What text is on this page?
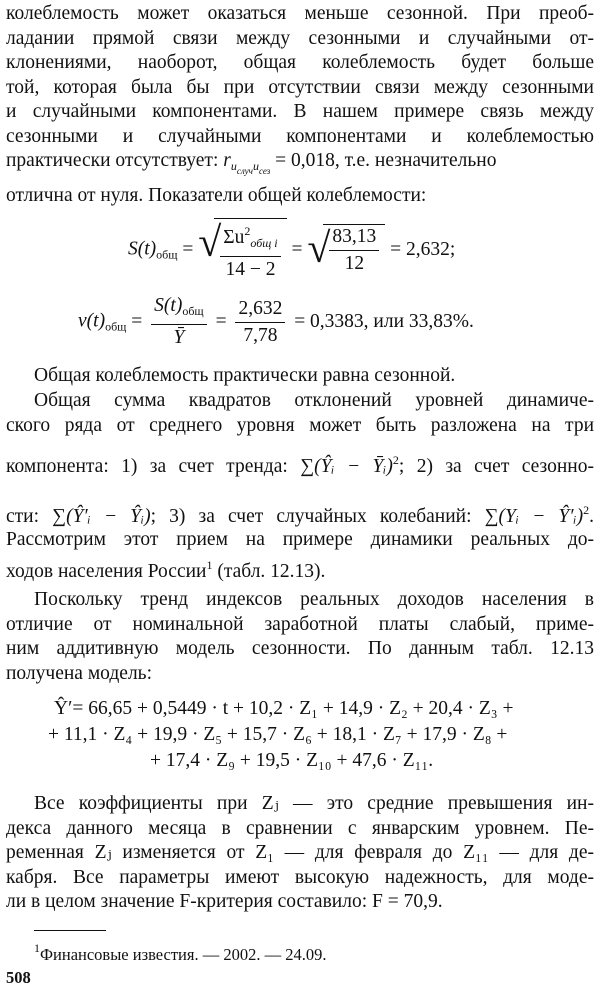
колеблемость может оказаться меньше сезонной. При преоб-
ладании прямой связи между сезонными и случайными от-
клонениями, наоборот, общая колеблемость будет больше
той, которая была бы при отсутствии связи между сезонными
и случайными компонентами. В нашем примере связь между
сезонными и случайными компонентами и колеблемостью
практически отсутствует: $r_{u_{случ}u_{сез}} = 0,018$, т.е. незначительно
отлична от нуля. Показатели общей колеблемости:
$S(t)_{общ}$ = √
$\frac{\Sigma u^2_{общ i}}{14 - 2}$ = √
$\frac{83,13}{12} = 2,632$;
$v(t)_{общ} = \frac{S(t)_{общ}}{Ȳ} = \frac{2,632}{7,78} = 0,3383$, или 33,83%.
Общая колеблемость практически равна сезонной.
Общая сумма квадратов отклонений уровней динамиче-
ского ряда от среднего уровня может быть разложена на три
компонента: 1) за счет тренда: ∑(Ŷᵢ − Ȳᵢ)$^2$; 2) за счет сезонно-
сти: ∑(Ŷ′ᵢ − Ŷᵢ); 3) за счет случайных колебаний: ∑(Yᵢ − Ŷ′ᵢ)$^2$.
Рассмотрим этот прием на примере динамики реальных до-
ходов населения России$^1$ (табл. 12.13).
Поскольку тренд индексов реальных доходов населения в
отличие от номинальной заработной платы слабый, приме-
ним аддитивную модель сезонности. По данным табл. 12.13
получена модель:
Ŷ′= 66,65 + 0,5449 · t + 10,2 · Z₁ + 14,9 · Z₂ + 20,4 · Z₃ +
+ 11,1 · Z₄ + 19,9 · Z₅ + 15,7 · Z₆ + 18,1 · Z₇ + 17,9 · Z₈ +
+ 17,4 · Z₉ + 19,5 · Z₁₀ + 47,6 · Z₁₁.
Все коэффициенты при Zⱼ — это средние превышения ин-
декса данного месяца в сравнении с январским уровнем. Пе-
ременная Zⱼ изменяется от Z₁ — для февраля до Z₁₁ — для де-
кабря. Все параметры имеют высокую надежность, для моде-
ли в целом значение F-критерия составило: F = 70,9.
$^1$Финансовые известия. — 2002. — 24.09.
508
